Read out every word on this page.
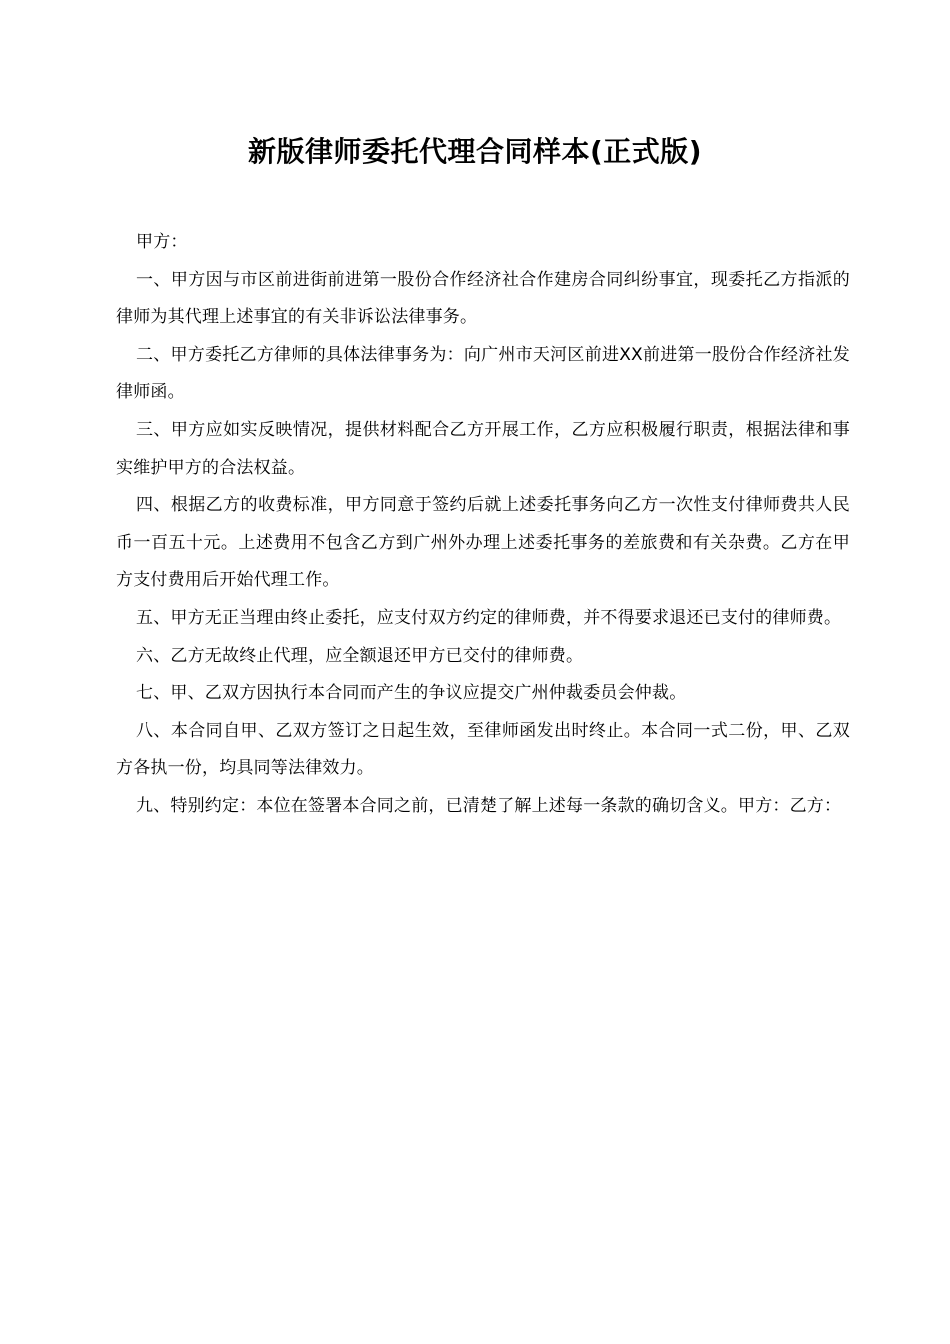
新版律师委托代理合同样本(正式版)

甲方：

一、甲方因与市区前进街前进第一股份合作经济社合作建房合同纠纷事宜，现委托乙方指派的律师为其代理上述事宜的有关非诉讼法律事务。

二、甲方委托乙方律师的具体法律事务为：向广州市天河区前进XX前进第一股份合作经济社发律师函。

三、甲方应如实反映情况，提供材料配合乙方开展工作，乙方应积极履行职责，根据法律和事实维护甲方的合法权益。

四、根据乙方的收费标准，甲方同意于签约后就上述委托事务向乙方一次性支付律师费共人民币一百五十元。上述费用不包含乙方到广州外办理上述委托事务的差旅费和有关杂费。乙方在甲方支付费用后开始代理工作。

五、甲方无正当理由终止委托，应支付双方约定的律师费，并不得要求退还已支付的律师费。

六、乙方无故终止代理，应全额退还甲方已交付的律师费。

七、甲、乙双方因执行本合同而产生的争议应提交广州仲裁委员会仲裁。

八、本合同自甲、乙双方签订之日起生效，至律师函发出时终止。本合同一式二份，甲、乙双方各执一份，均具同等法律效力。

九、特别约定：本位在签署本合同之前，已清楚了解上述每一条款的确切含义。甲方：乙方：
